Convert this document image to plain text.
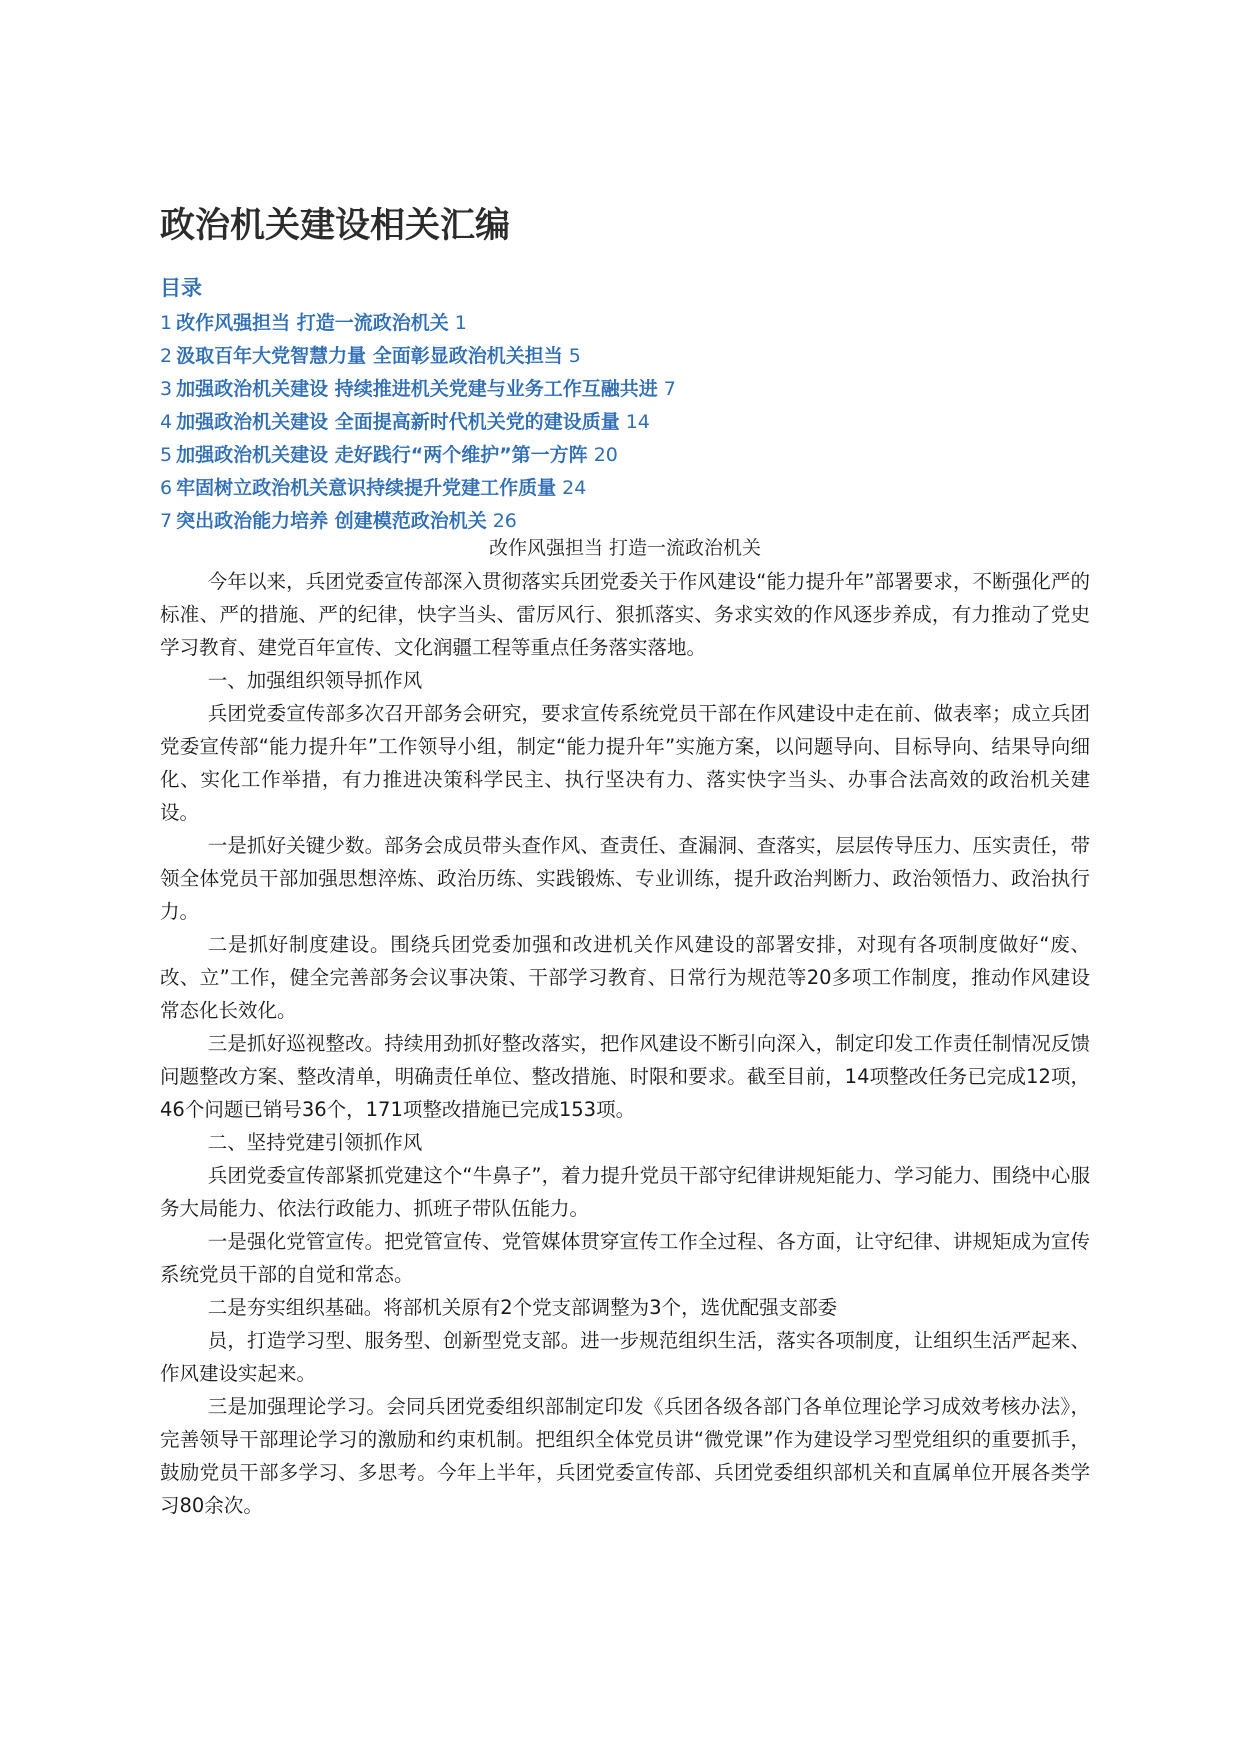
政治机关建设相关汇编
目录
1 改作风强担当 打造一流政治机关 1
2 汲取百年大党智慧力量 全面彰显政治机关担当 5
3 加强政治机关建设 持续推进机关党建与业务工作互融共进 7
4 加强政治机关建设 全面提高新时代机关党的建设质量 14
5 加强政治机关建设 走好践行“两个维护”第一方阵 20
6 牢固树立政治机关意识持续提升党建工作质量 24
7 突出政治能力培养 创建模范政治机关 26
改作风强担当 打造一流政治机关

今年以来，兵团党委宣传部深入贯彻落实兵团党委关于作风建设“能力提升年”部署要求，不断强化严的标准、严的措施、严的纪律，快字当头、雷厉风行、狠抓落实、务求实效的作风逐步养成，有力推动了党史学习教育、建党百年宣传、文化润疆工程等重点任务落实落地。

一、加强组织领导抓作风

兵团党委宣传部多次召开部务会研究，要求宣传系统党员干部在作风建设中走在前、做表率；成立兵团党委宣传部“能力提升年”工作领导小组，制定“能力提升年”实施方案，以问题导向、目标导向、结果导向细化、实化工作举措，有力推进决策科学民主、执行坚决有力、落实快字当头、办事合法高效的政治机关建设。

一是抓好关键少数。部务会成员带头查作风、查责任、查漏洞、查落实，层层传导压力、压实责任，带领全体党员干部加强思想淬炼、政治历练、实践锻炼、专业训练，提升政治判断力、政治领悟力、政治执行力。

二是抓好制度建设。围绕兵团党委加强和改进机关作风建设的部署安排，对现有各项制度做好“废、改、立”工作，健全完善部务会议事决策、干部学习教育、日常行为规范等20多项工作制度，推动作风建设常态化长效化。

三是抓好巡视整改。持续用劲抓好整改落实，把作风建设不断引向深入，制定印发工作责任制情况反馈问题整改方案、整改清单，明确责任单位、整改措施、时限和要求。截至目前，14项整改任务已完成12项，46个问题已销号36个，171项整改措施已完成153项。

二、坚持党建引领抓作风

兵团党委宣传部紧抓党建这个“牛鼻子”，着力提升党员干部守纪律讲规矩能力、学习能力、围绕中心服务大局能力、依法行政能力、抓班子带队伍能力。

一是强化党管宣传。把党管宣传、党管媒体贯穿宣传工作全过程、各方面，让守纪律、讲规矩成为宣传系统党员干部的自觉和常态。

二是夯实组织基础。将部机关原有2个党支部调整为3个，选优配强支部委

员，打造学习型、服务型、创新型党支部。进一步规范组织生活，落实各项制度，让组织生活严起来、作风建设实起来。

三是加强理论学习。会同兵团党委组织部制定印发《兵团各级各部门各单位理论学习成效考核办法》，完善领导干部理论学习的激励和约束机制。把组织全体党员讲“微党课”作为建设学习型党组织的重要抓手，鼓励党员干部多学习、多思考。今年上半年，兵团党委宣传部、兵团党委组织部机关和直属单位开展各类学习80余次。
